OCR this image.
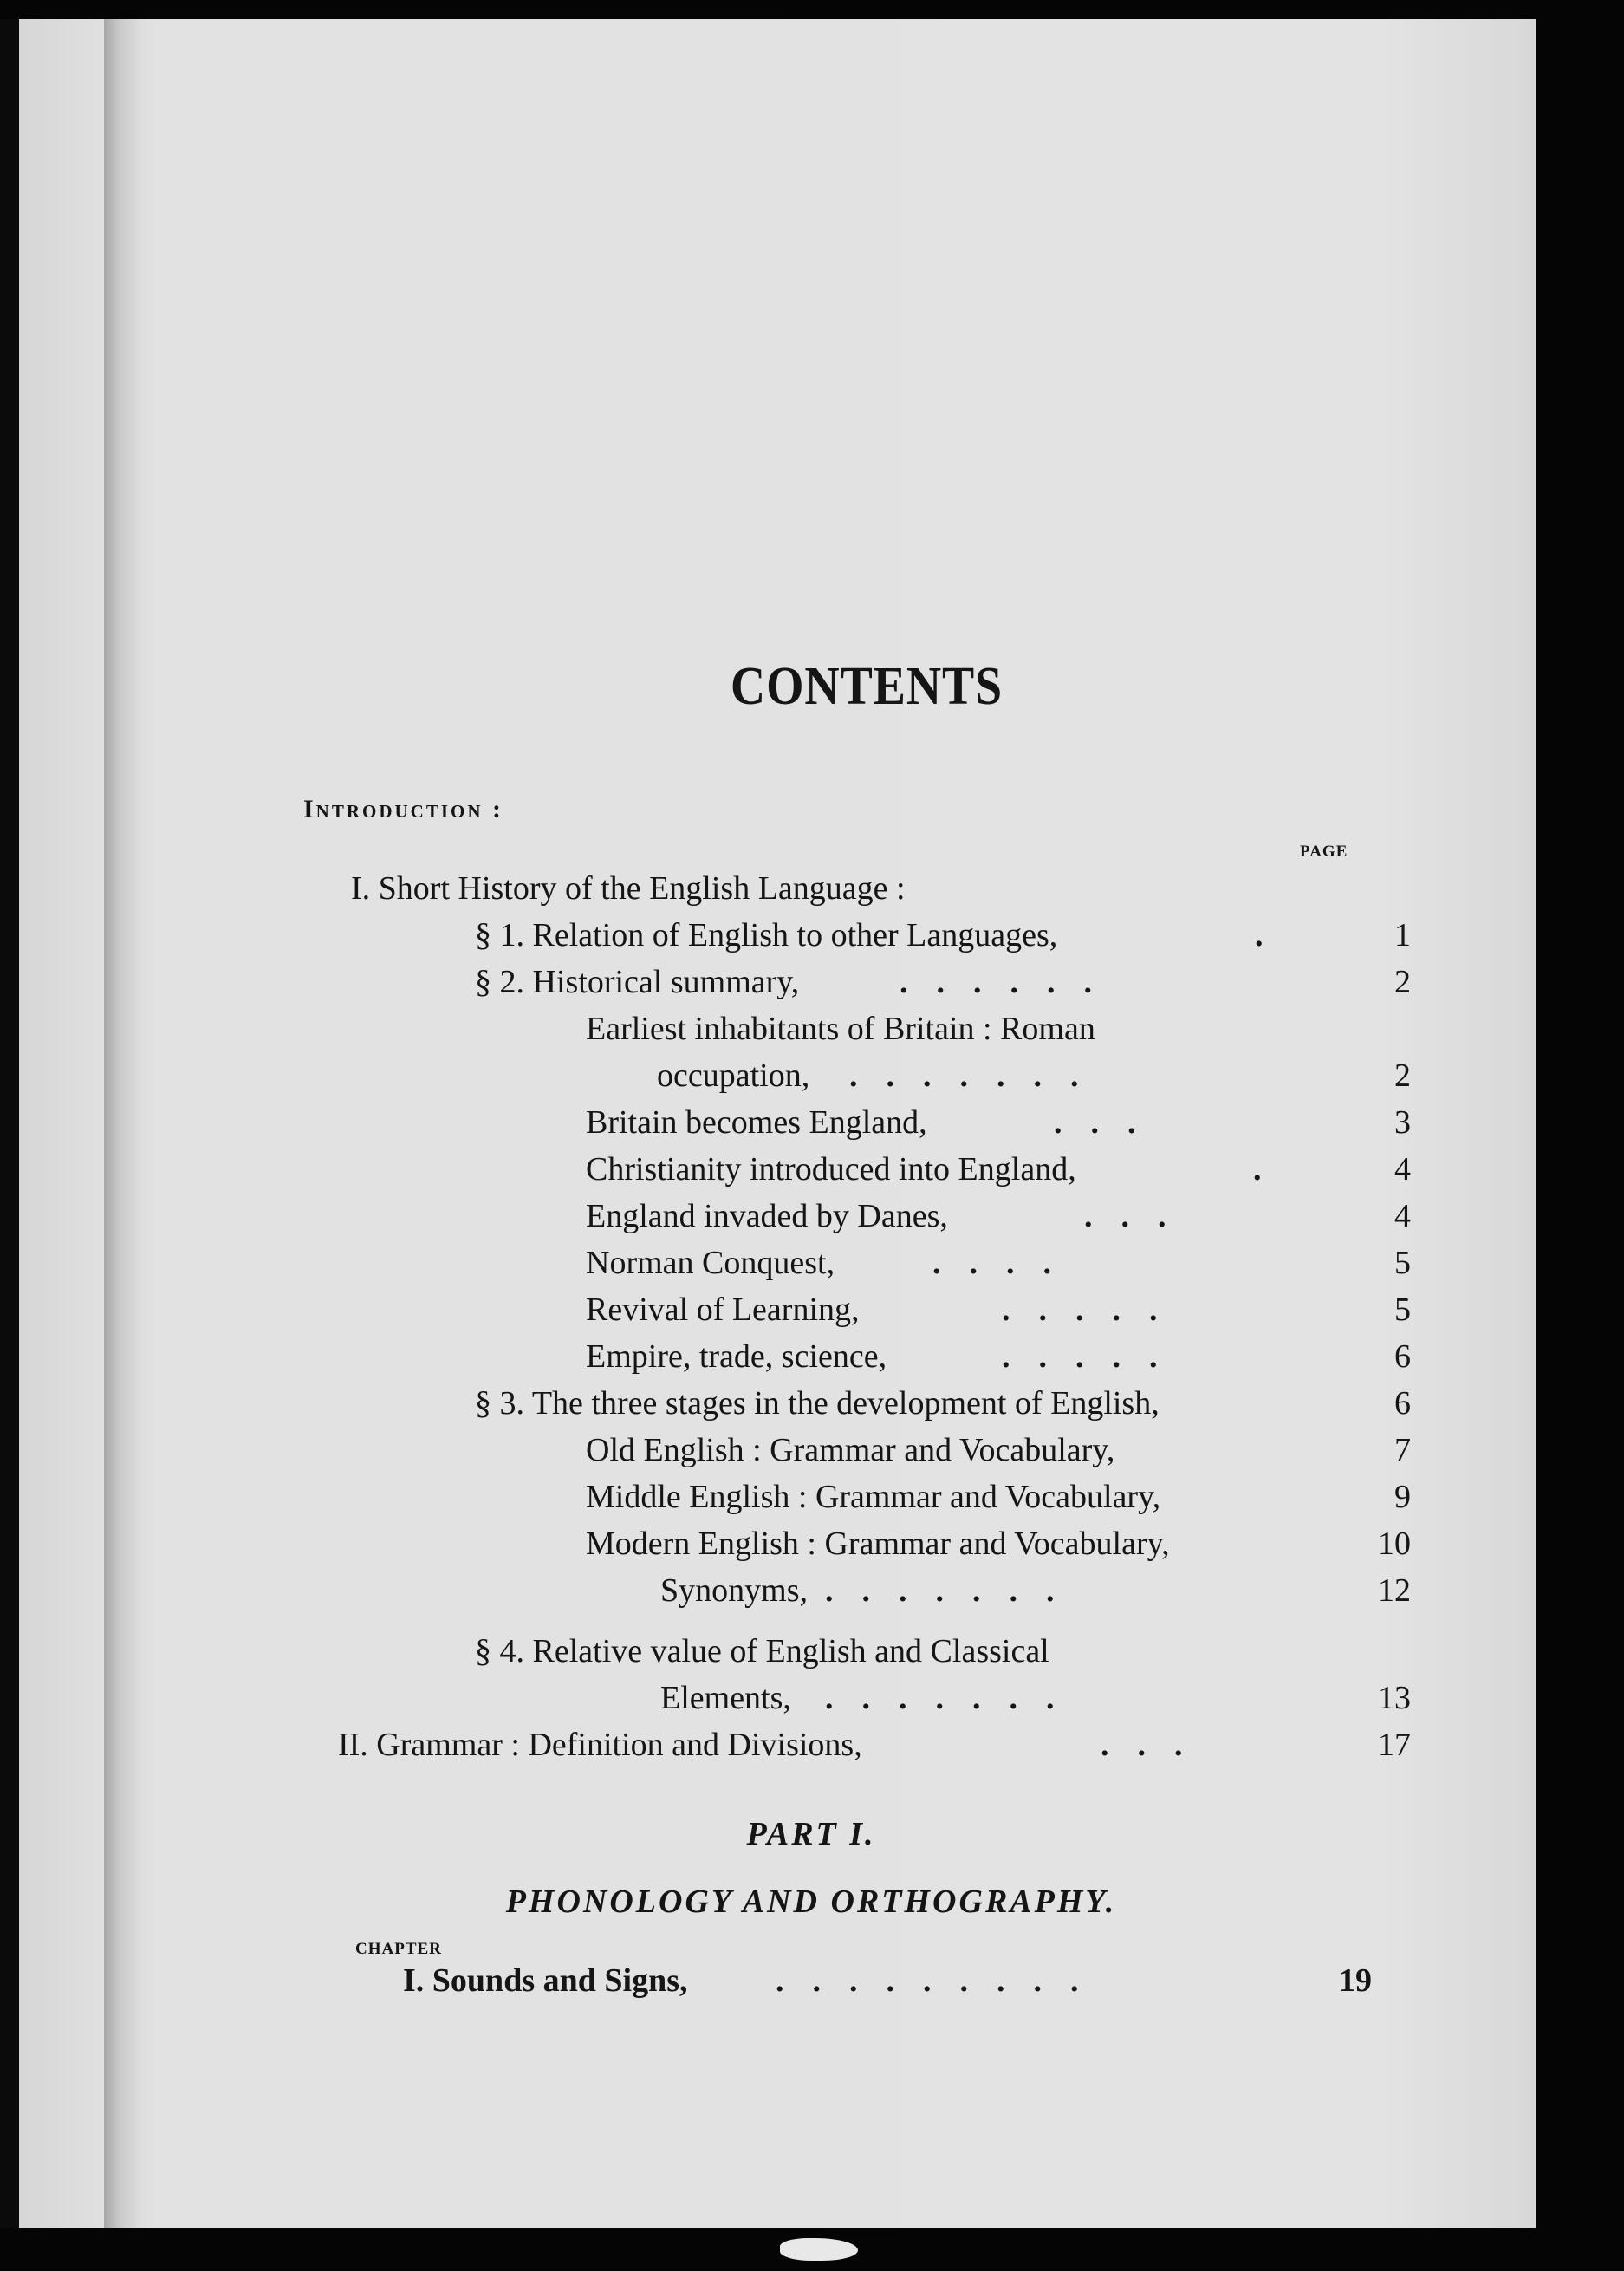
CONTENTS
Introduction :
PAGE
I. Short History of the English Language :
§ 1. Relation of English to other Languages,	.	1
§ 2. Historical summary,	......	2
Earliest inhabitants of Britain : Roman
occupation, .......	2
Britain becomes England,	...	3
Christianity introduced into England,	.	4
England invaded by Danes,	...	4
Norman Conquest,	....	5
Revival of Learning,	.....	5
Empire, trade, science,	.....	6
§ 3. The three stages in the development of English,	6
Old English : Grammar and Vocabulary,	7
Middle English : Grammar and Vocabulary,	9
Modern English : Grammar and Vocabulary,	10
Synonyms, .......	12
§ 4. Relative value of English and Classical
Elements, .......	13
II. Grammar : Definition and Divisions,	...	17
PART I.
PHONOLOGY AND ORTHOGRAPHY.
CHAPTER
I. Sounds and Signs,	.........	19
